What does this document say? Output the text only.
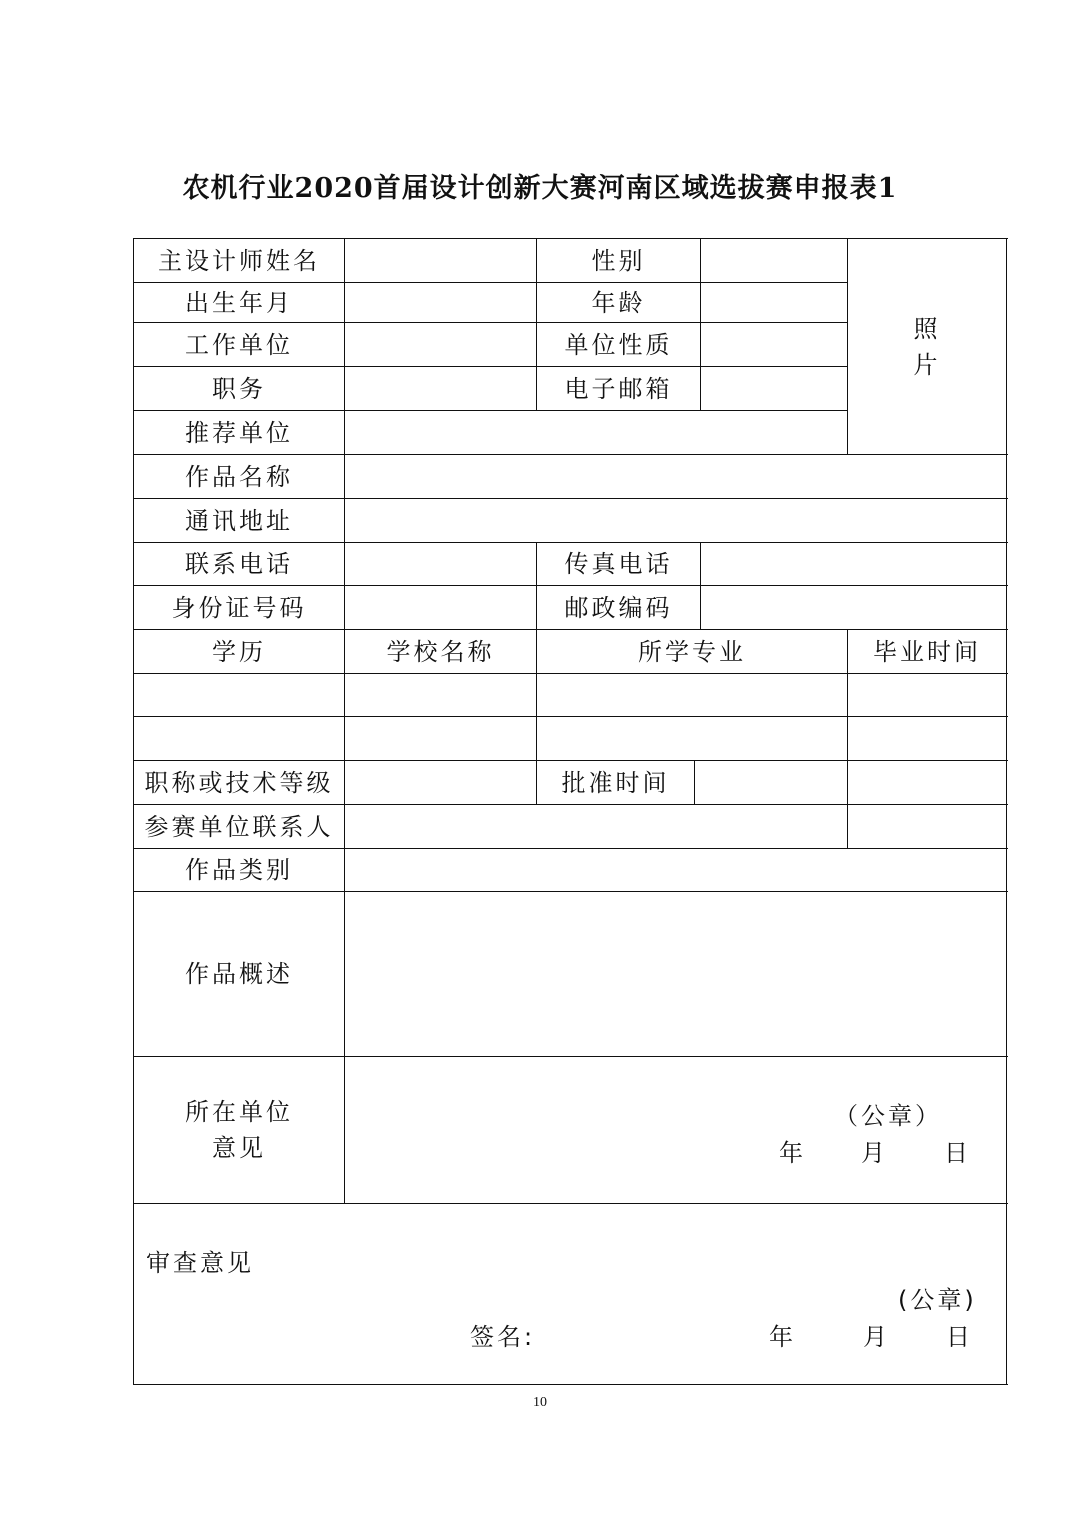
农机行业2020首届设计创新大赛河南区域选拔赛申报表1
主设计师姓名	性别
出生年月	年龄
工作单位	单位性质
职务	电子邮箱
推荐单位
照
片
作品名称
通讯地址
联系电话	传真电话
身份证号码	邮政编码
学历	学校名称	所学专业	毕业时间
职称或技术等级	批准时间
参赛单位联系人
作品类别
作品概述
所在单位
意见
（公章）
年 月 日
审查意见
(公章)
签名:	年	月 日
10
